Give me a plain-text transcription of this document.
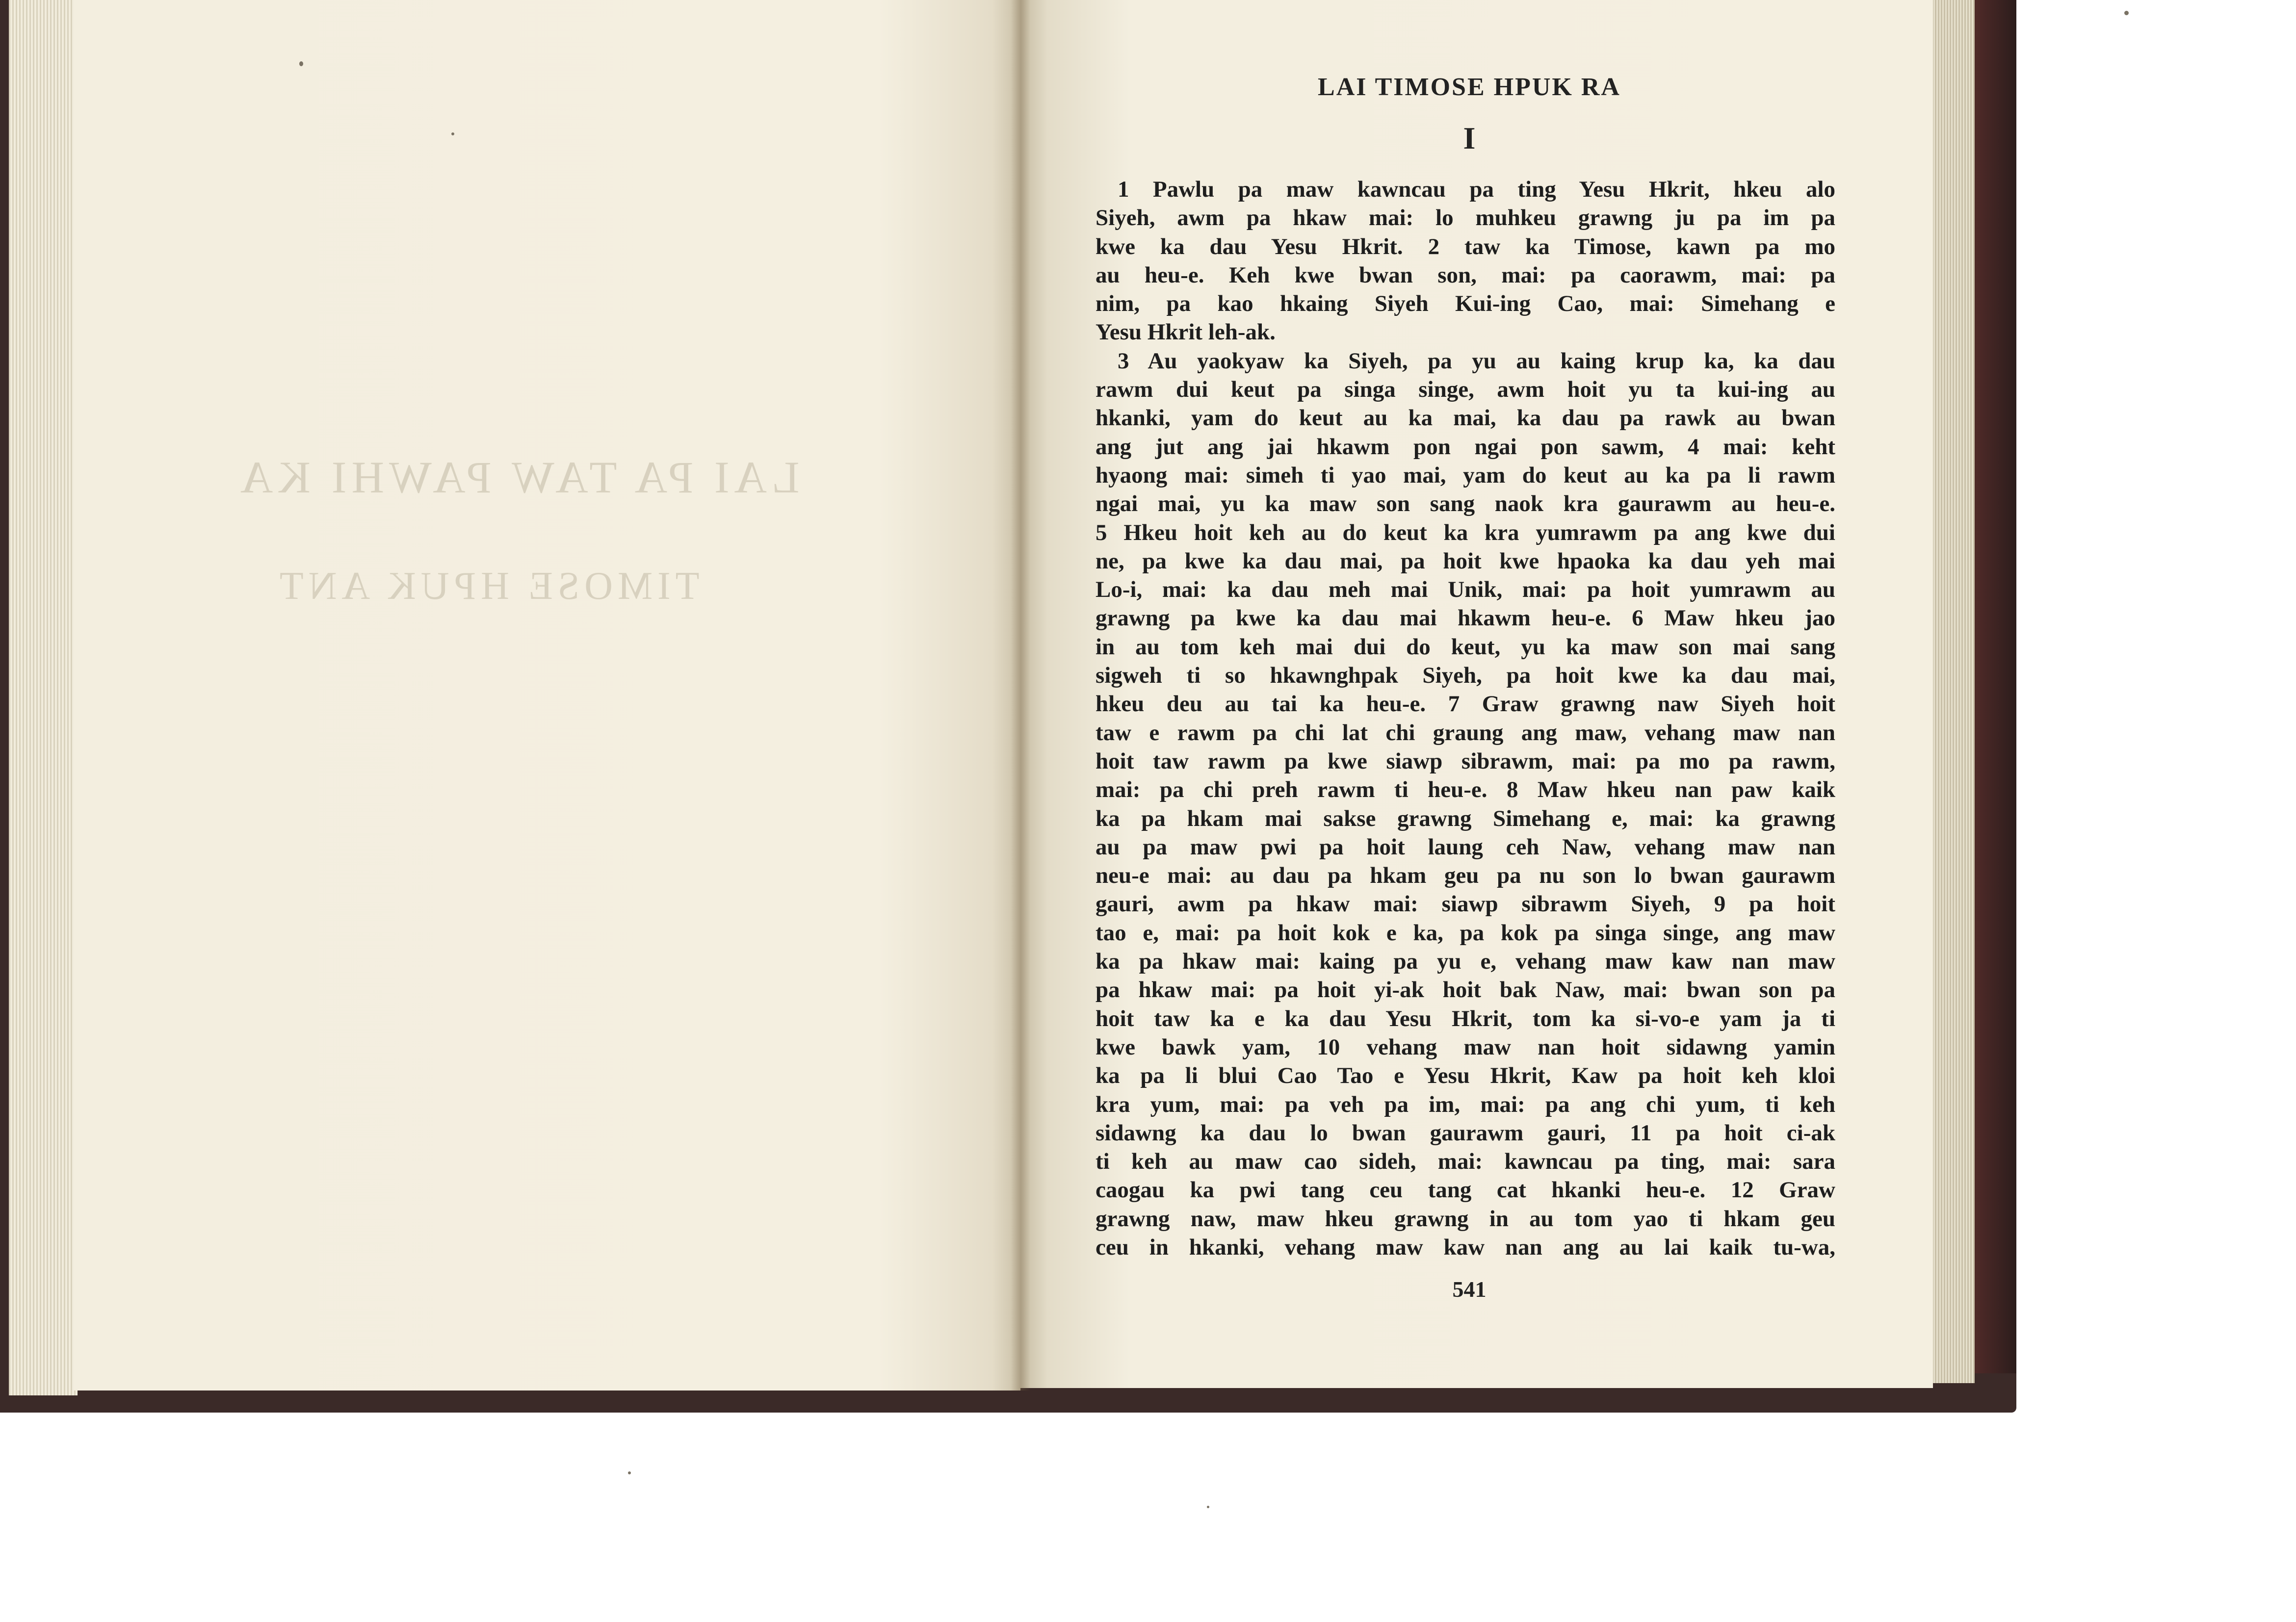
LAI PA TAW PAWHI KA
TIMOSE HPUK ANT
LAI TIMOSE HPUK RA
I
1 Pawlu pa maw kawncau pa ting Yesu Hkrit, hkeu alo
Siyeh, awm pa hkaw mai: lo muhkeu grawng ju pa im pa
kwe ka dau Yesu Hkrit. 2 taw ka Timose, kawn pa mo
au heu-e. Keh kwe bwan son, mai: pa caorawm, mai: pa
nim, pa kao hkaing Siyeh Kui-ing Cao, mai: Simehang e
Yesu Hkrit leh-ak.
3 Au yaokyaw ka Siyeh, pa yu au kaing krup ka, ka dau
rawm dui keut pa singa singe, awm hoit yu ta kui-ing au
hkanki, yam do keut au ka mai, ka dau pa rawk au bwan
ang jut ang jai hkawm pon ngai pon sawm, 4 mai: keht
hyaong mai: simeh ti yao mai, yam do keut au ka pa li rawm
ngai mai, yu ka maw son sang naok kra gaurawm au heu-e.
5 Hkeu hoit keh au do keut ka kra yumrawm pa ang kwe dui
ne, pa kwe ka dau mai, pa hoit kwe hpaoka ka dau yeh mai
Lo-i, mai: ka dau meh mai Unik, mai: pa hoit yumrawm au
grawng pa kwe ka dau mai hkawm heu-e. 6 Maw hkeu jao
in au tom keh mai dui do keut, yu ka maw son mai sang
sigweh ti so hkawnghpak Siyeh, pa hoit kwe ka dau mai,
hkeu deu au tai ka heu-e. 7 Graw grawng naw Siyeh hoit
taw e rawm pa chi lat chi graung ang maw, vehang maw nan
hoit taw rawm pa kwe siawp sibrawm, mai: pa mo pa rawm,
mai: pa chi preh rawm ti heu-e. 8 Maw hkeu nan paw kaik
ka pa hkam mai sakse grawng Simehang e, mai: ka grawng
au pa maw pwi pa hoit laung ceh Naw, vehang maw nan
neu-e mai: au dau pa hkam geu pa nu son lo bwan gaurawm
gauri, awm pa hkaw mai: siawp sibrawm Siyeh, 9 pa hoit
tao e, mai: pa hoit kok e ka, pa kok pa singa singe, ang maw
ka pa hkaw mai: kaing pa yu e, vehang maw kaw nan maw
pa hkaw mai: pa hoit yi-ak hoit bak Naw, mai: bwan son pa
hoit taw ka e ka dau Yesu Hkrit, tom ka si-vo-e yam ja ti
kwe bawk yam, 10 vehang maw nan hoit sidawng yamin
ka pa li blui Cao Tao e Yesu Hkrit, Kaw pa hoit keh kloi
kra yum, mai: pa veh pa im, mai: pa ang chi yum, ti keh
sidawng ka dau lo bwan gaurawm gauri, 11 pa hoit ci-ak
ti keh au maw cao sideh, mai: kawncau pa ting, mai: sara
caogau ka pwi tang ceu tang cat hkanki heu-e. 12 Graw
grawng naw, maw hkeu grawng in au tom yao ti hkam geu
ceu in hkanki, vehang maw kaw nan ang au lai kaik tu-wa,
541
